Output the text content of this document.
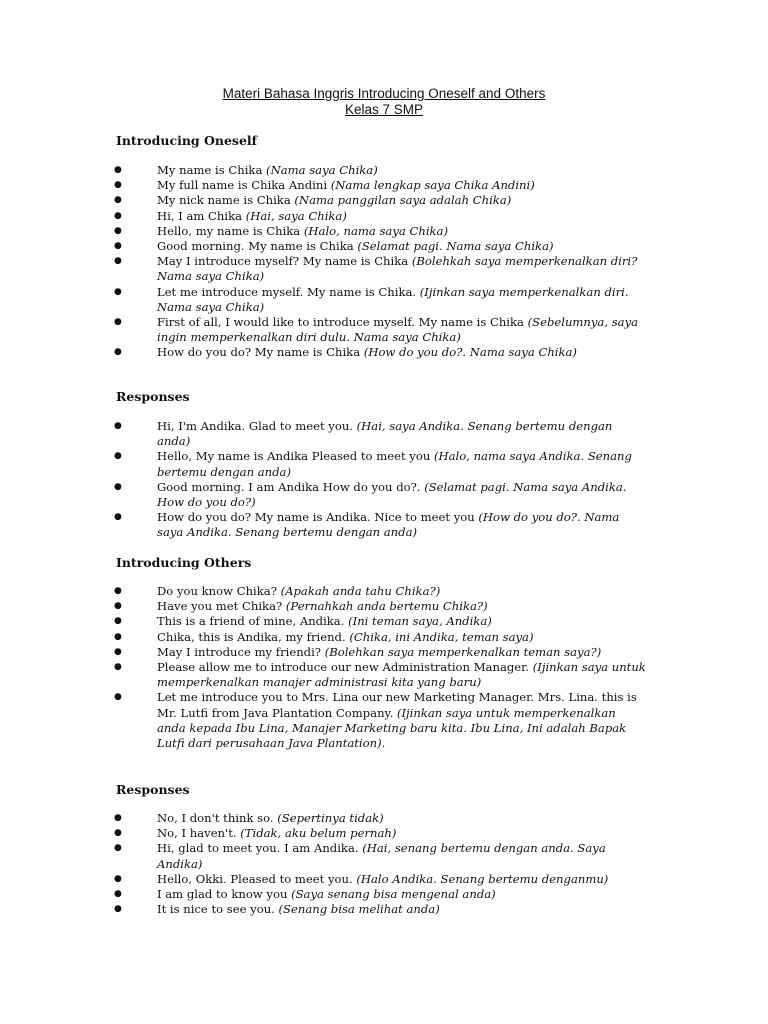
Materi Bahasa Inggris Introducing Oneself and Others
Kelas 7 SMP
Introducing Oneself
●	My name is Chika (Nama saya Chika)
●	My full name is Chika Andini (Nama lengkap saya Chika Andini)
●	My nick name is Chika (Nama panggilan saya adalah Chika)
●	Hi, I am Chika (Hai, saya Chika)
●	Hello, my name is Chika (Halo, nama saya Chika)
●	Good morning. My name is Chika (Selamat pagi. Nama saya Chika)
●	May I introduce myself? My name is Chika (Bolehkah saya memperkenalkan diri? Nama saya Chika)
●	Let me introduce myself. My name is Chika. (Ijinkan saya memperkenalkan diri. Nama saya Chika)
●	First of all, I would like to introduce myself. My name is Chika (Sebelumnya, saya ingin memperkenalkan diri dulu. Nama saya Chika)
●	How do you do? My name is Chika (How do you do?. Nama saya Chika)
Responses
●	Hi, I'm Andika. Glad to meet you. (Hai, saya Andika. Senang bertemu dengan anda)
●	Hello, My name is Andika Pleased to meet you (Halo, nama saya Andika. Senang bertemu dengan anda)
●	Good morning. I am Andika How do you do?. (Selamat pagi. Nama saya Andika. How do you do?)
●	How do you do? My name is Andika. Nice to meet you (How do you do?. Nama saya Andika. Senang bertemu dengan anda)
Introducing Others
●	Do you know Chika? (Apakah anda tahu Chika?)
●	Have you met Chika? (Pernahkah anda bertemu Chika?)
●	This is a friend of mine, Andika. (Ini teman saya, Andika)
●	Chika, this is Andika, my friend. (Chika, ini Andika, teman saya)
●	May I introduce my friendi? (Bolehkan saya memperkenalkan teman saya?)
●	Please allow me to introduce our new Administration Manager. (Ijinkan saya untuk memperkenalkan manajer administrasi kita yang baru)
●	Let me introduce you to Mrs. Lina our new Marketing Manager. Mrs. Lina. this is Mr. Lutfi from Java Plantation Company. (Ijinkan saya untuk memperkenalkan anda kepada Ibu Lina, Manajer Marketing baru kita. Ibu Lina, Ini adalah Bapak Lutfi dari perusahaan Java Plantation).
Responses
●	No, I don't think so. (Sepertinya tidak)
●	No, I haven't. (Tidak, aku belum pernah)
●	Hi, glad to meet you. I am Andika. (Hai, senang bertemu dengan anda. Saya Andika)
●	Hello, Okki. Pleased to meet you. (Halo Andika. Senang bertemu denganmu)
●	I am glad to know you (Saya senang bisa mengenal anda)
●	It is nice to see you. (Senang bisa melihat anda)
